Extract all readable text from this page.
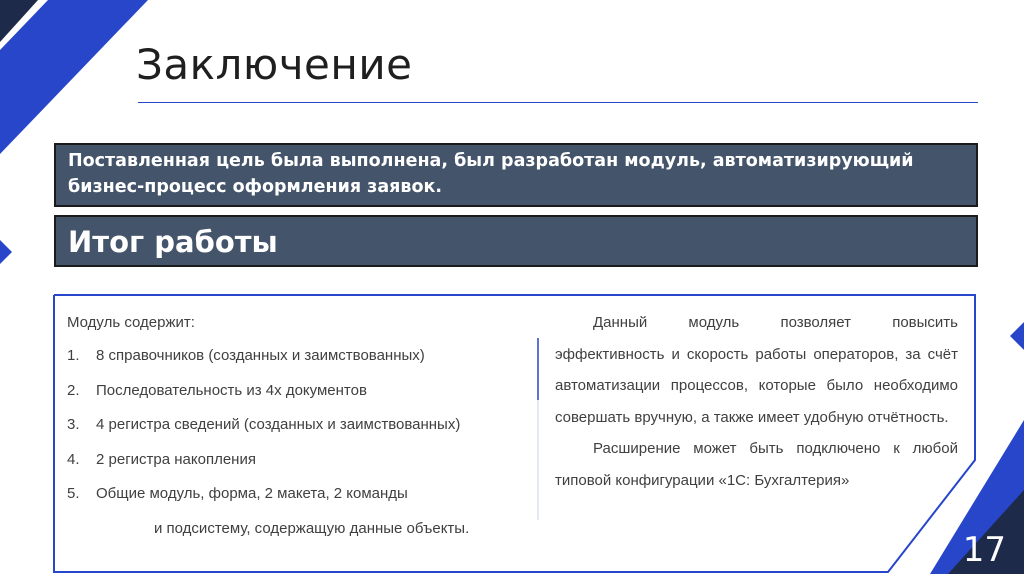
Заключение
Поставленная цель была выполнена, был разработан модуль, автоматизирующий бизнес-процесс оформления заявок.
Итог работы
Модуль содержит:
1.	8 справочников (созданных и заимствованных)
2.	Последовательность из 4х документов
3.	4 регистра сведений (созданных и заимствованных)
4.	2 регистра накопления
5.	Общие модуль, форма, 2 макета, 2 команды
и подсистему, содержащую данные объекты.

Данный модуль позволяет повысить эффективность и скорость работы операторов, за счёт автоматизации процессов, которые было необходимо совершать вручную, а также имеет удобную отчётность.

Расширение может быть подключено к любой типовой конфигурации «1С: Бухгалтерия»

17
